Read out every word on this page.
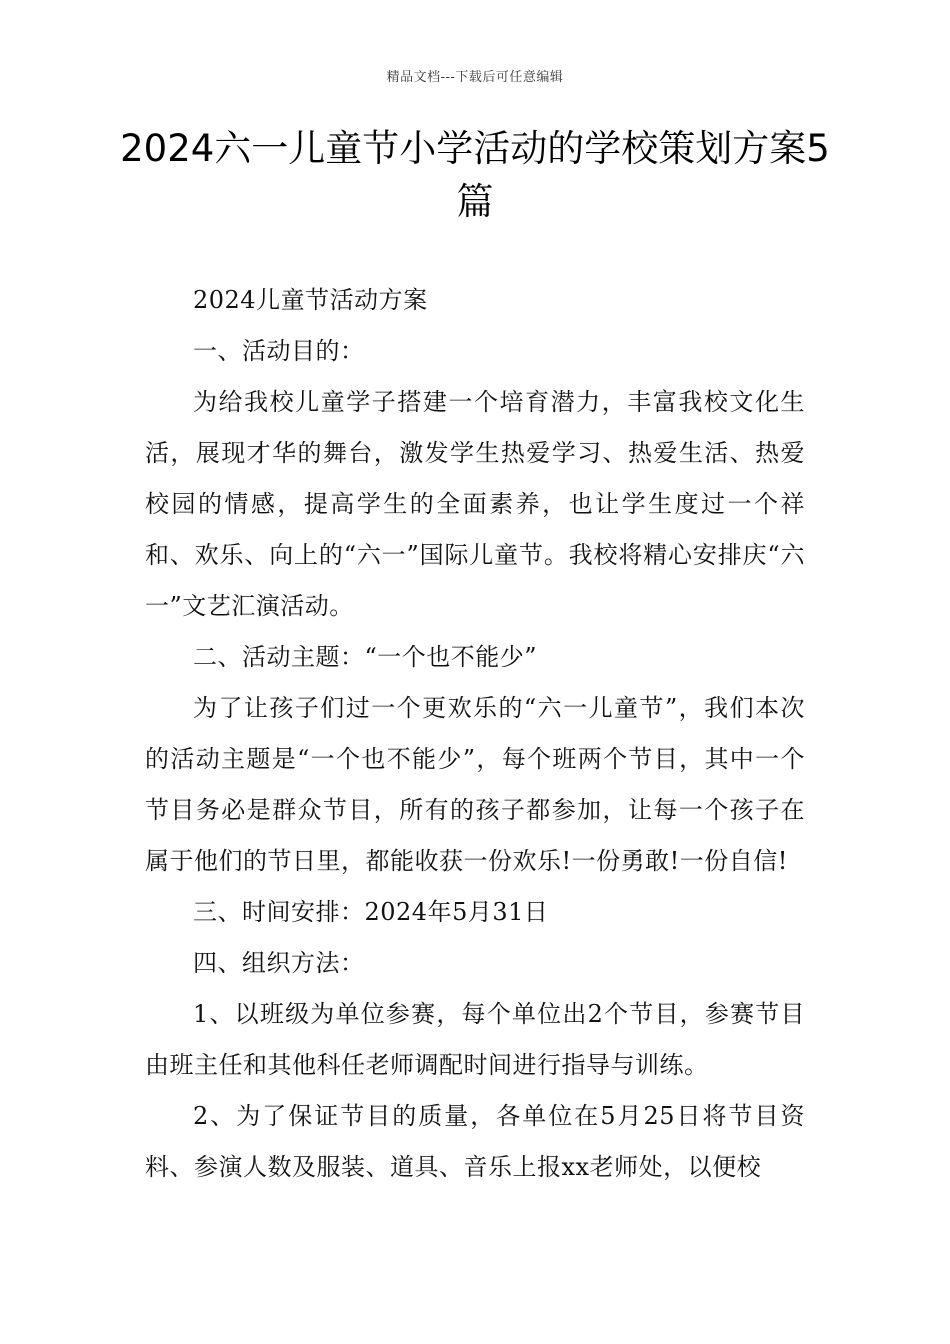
精品文档---下载后可任意编辑
2024六一儿童节小学活动的学校策划方案5篇

2024儿童节活动方案

一、活动目的：

为给我校儿童学子搭建一个培育潜力，丰富我校文化生活，展现才华的舞台，激发学生热爱学习、热爱生活、热爱校园的情感，提高学生的全面素养，也让学生度过一个祥和、欢乐、向上的“六一”国际儿童节。我校将精心安排庆“六一”文艺汇演活动。

二、活动主题：“一个也不能少”

为了让孩子们过一个更欢乐的“六一儿童节”，我们本次的活动主题是“一个也不能少”，每个班两个节目，其中一个节目务必是群众节目，所有的孩子都参加，让每一个孩子在属于他们的节日里，都能收获一份欢乐!一份勇敢!一份自信!

三、时间安排：2024年5月31日

四、组织方法：

1、以班级为单位参赛，每个单位出2个节目，参赛节目由班主任和其他科任老师调配时间进行指导与训练。

2、为了保证节目的质量，各单位在5月25日将节目资料、参演人数及服装、道具、音乐上报xx老师处，以便校
